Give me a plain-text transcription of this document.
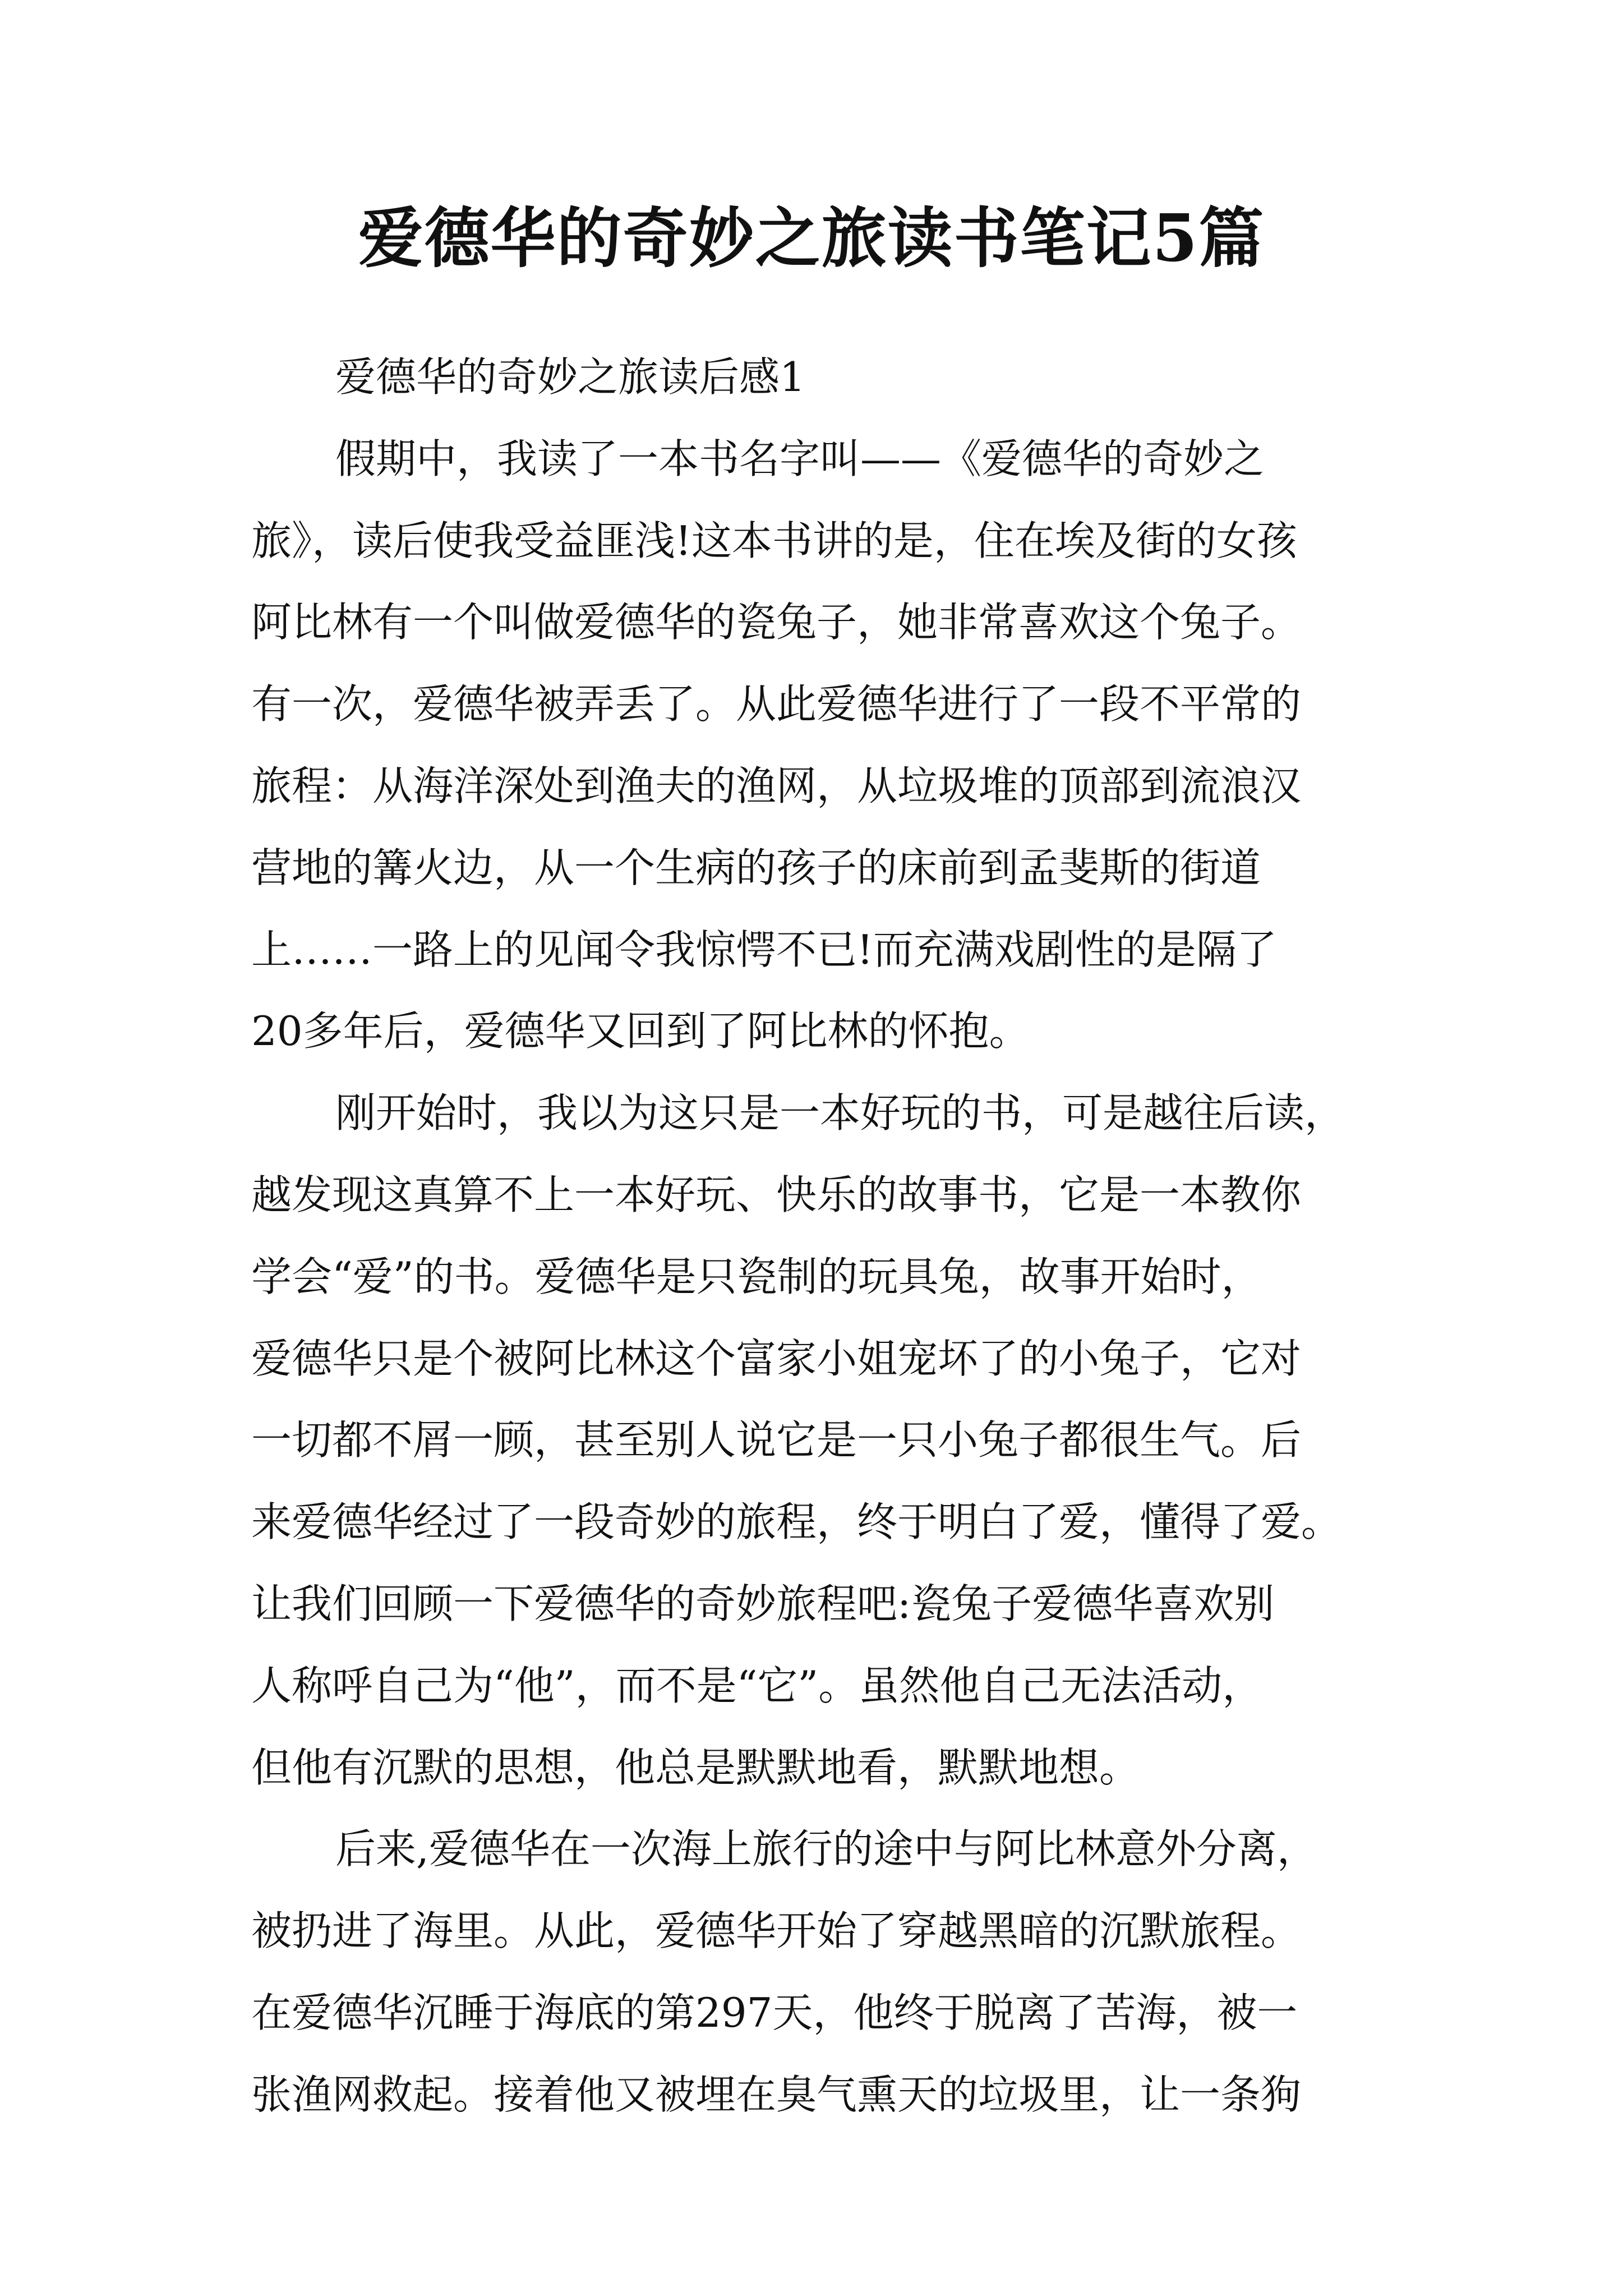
爱德华的奇妙之旅读书笔记5篇

爱德华的奇妙之旅读后感1

假期中，我读了一本书名字叫——《爱德华的奇妙之
旅》，读后使我受益匪浅!这本书讲的是，住在埃及街的女孩
阿比林有一个叫做爱德华的瓷兔子，她非常喜欢这个兔子。
有一次，爱德华被弄丢了。从此爱德华进行了一段不平常的
旅程：从海洋深处到渔夫的渔网，从垃圾堆的顶部到流浪汉
营地的篝火边，从一个生病的孩子的床前到孟斐斯的街道
上……一路上的见闻令我惊愕不已!而充满戏剧性的是隔了
20多年后，爱德华又回到了阿比林的怀抱。
刚开始时，我以为这只是一本好玩的书，可是越往后读，
越发现这真算不上一本好玩、快乐的故事书，它是一本教你
学会“爱”的书。爱德华是只瓷制的玩具兔，故事开始时，
爱德华只是个被阿比林这个富家小姐宠坏了的小兔子，它对
一切都不屑一顾，甚至别人说它是一只小兔子都很生气。后
来爱德华经过了一段奇妙的旅程，终于明白了爱，懂得了爱。
让我们回顾一下爱德华的奇妙旅程吧:瓷兔子爱德华喜欢别
人称呼自己为“他”，而不是“它”。虽然他自己无法活动，
但他有沉默的思想，他总是默默地看，默默地想。
后来,爱德华在一次海上旅行的途中与阿比林意外分离，
被扔进了海里。从此，爱德华开始了穿越黑暗的沉默旅程。
在爱德华沉睡于海底的第297天，他终于脱离了苦海，被一
张渔网救起。接着他又被埋在臭气熏天的垃圾里，让一条狗
